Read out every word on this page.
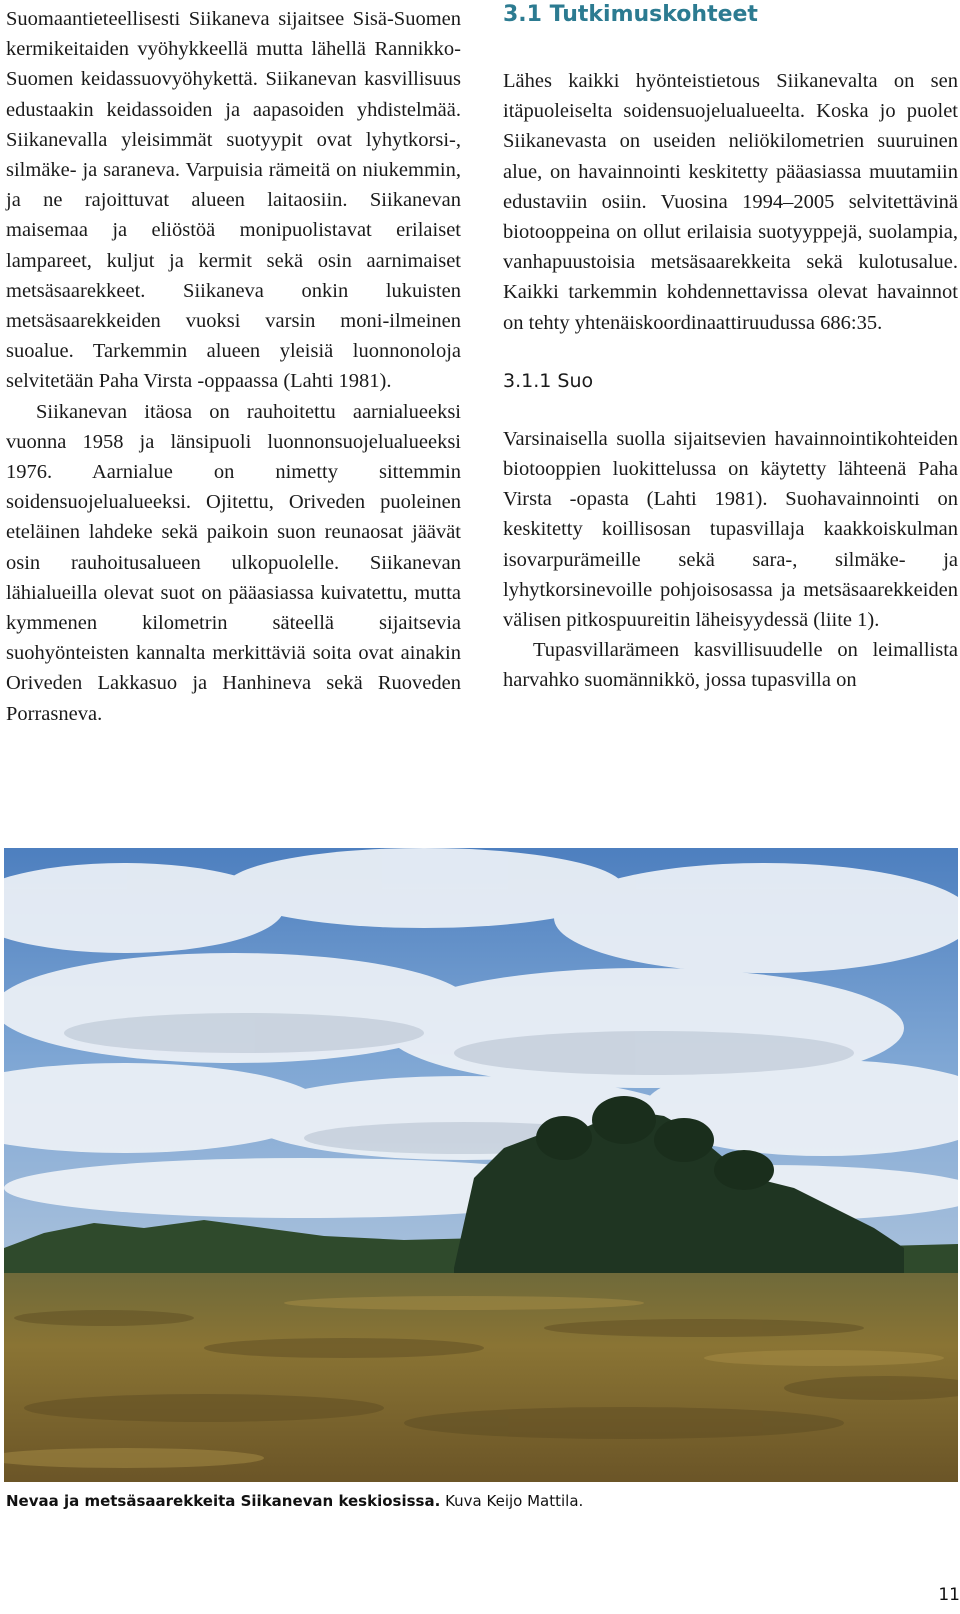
Suomaantieteellisesti Siikaneva sijaitsee Sisä-Suomen kermikeitaiden vyöhykkeellä mutta lähellä Rannikko-Suomen keidassuovyöhykettä. Siikanevan kasvillisuus edustaakin keidassoiden ja aapasoiden yhdistelmää. Siikanevalla yleisimmät suotyypit ovat lyhytkorsi-, silmäke- ja saraneva. Varpuisia rämeitä on niukemmin, ja ne rajoittuvat alueen laitaosiin. Siikanevan maisemaa ja eliöstöä monipuolistavat erilaiset lampareet, kuljut ja kermit sekä osin aarnimaiset metsäsaarekkeet. Siikaneva onkin lukuisten metsäsaarekkeiden vuoksi varsin moni-ilmeinen suoalue. Tarkemmin alueen yleisiä luonnonoloja selvitetään Paha Virsta -oppaassa (Lahti 1981).

Siikanevan itäosa on rauhoitettu aarnialueeksi vuonna 1958 ja länsipuoli luonnonsuojelualueeksi 1976. Aarnialue on nimetty sittemmin soidensuojelualueeksi. Ojitettu, Oriveden puoleinen eteläinen lahdeke sekä paikoin suon reunaosat jäävät osin rauhoitusalueen ulkopuolelle. Siikanevan lähialueilla olevat suot on pääasiassa kuivatettu, mutta kymmenen kilometrin säteellä sijaitsevia suohyönteisten kannalta merkittäviä soita ovat ainakin Oriveden Lakkasuo ja Hanhineva sekä Ruoveden Porrasneva.

3.1 Tutkimuskohteet

Lähes kaikki hyönteistietous Siikanevalta on sen itäpuoleiselta soidensuojelualueelta. Koska jo puolet Siikanevasta on useiden neliökilometrien suuruinen alue, on havainnointi keskitetty pääasiassa muutamiin edustaviin osiin. Vuosina 1994–2005 selvitettävinä biotooppeina on ollut erilaisia suotyyppejä, suolampia, vanhapuustoisia metsäsaarekkeita sekä kulotusalue. Kaikki tarkemmin kohdennettavissa olevat havainnot on tehty yhtenäiskoordinaattiruudussa 686:35.

3.1.1 Suo

Varsinaisella suolla sijaitsevien havainnointikohteiden biotooppien luokittelussa on käytetty lähteenä Paha Virsta -opasta (Lahti 1981). Suohavainnointi on keskitetty koillisosan tupasvillaja kaakkoiskulman isovarpurämeille sekä sara-, silmäke- ja lyhytkorsinevoille pohjoisosassa ja metsäsaarekkeiden välisen pitkospuureitin läheisyydessä (liite 1).

Tupasvillarämeen kasvillisuudelle on leimallista harvahko suomännikkö, jossa tupasvilla on

Nevaa ja metsäsaarekkeita Siikanevan keskiosissa. Kuva Keijo Mattila.
11
